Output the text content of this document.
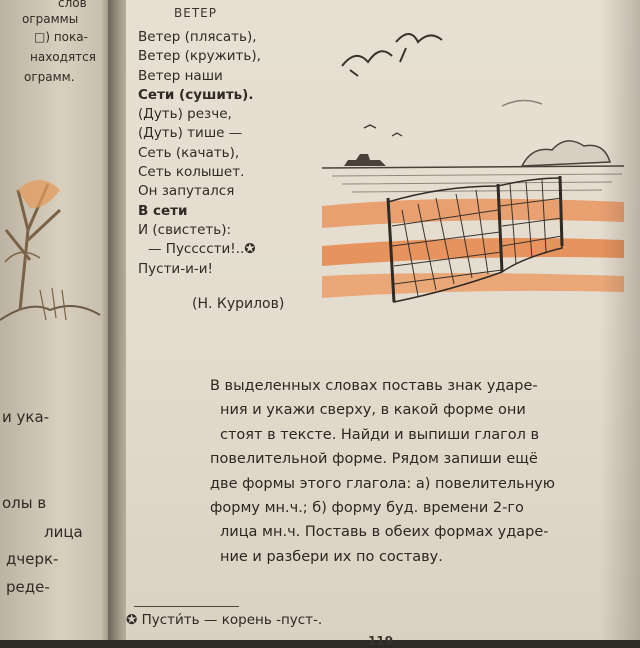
слов
ограммы
□) пока-
находятся
ограмм.
и ука-
олы в
лица
дчерк-
реде-
ВЕТЕР
Ветер (плясать),
Ветер (кружить),
Ветер наши
Сети (сушить).
(Дуть) резче,
(Дуть) тише —
Сеть (качать),
Сеть колышет.
Он запутался
В сети
И (свистеть):
— Пуссссти!..✪
Пусти-и-и!
(Н. Курилов)
В выделенных словах поставь знак ударе-
ния и укажи сверху, в какой форме они
стоят в тексте. Найди и выпиши глагол в
повелительной форме. Рядом запиши ещё
две формы этого глагола: а) повелительную
форму мн.ч.; б) форму буд. времени 2-го
лица мн.ч. Поставь в обеих формах ударе-
ние и разбери их по составу.
✪ Пусти́ть — корень -пуст-.
119
